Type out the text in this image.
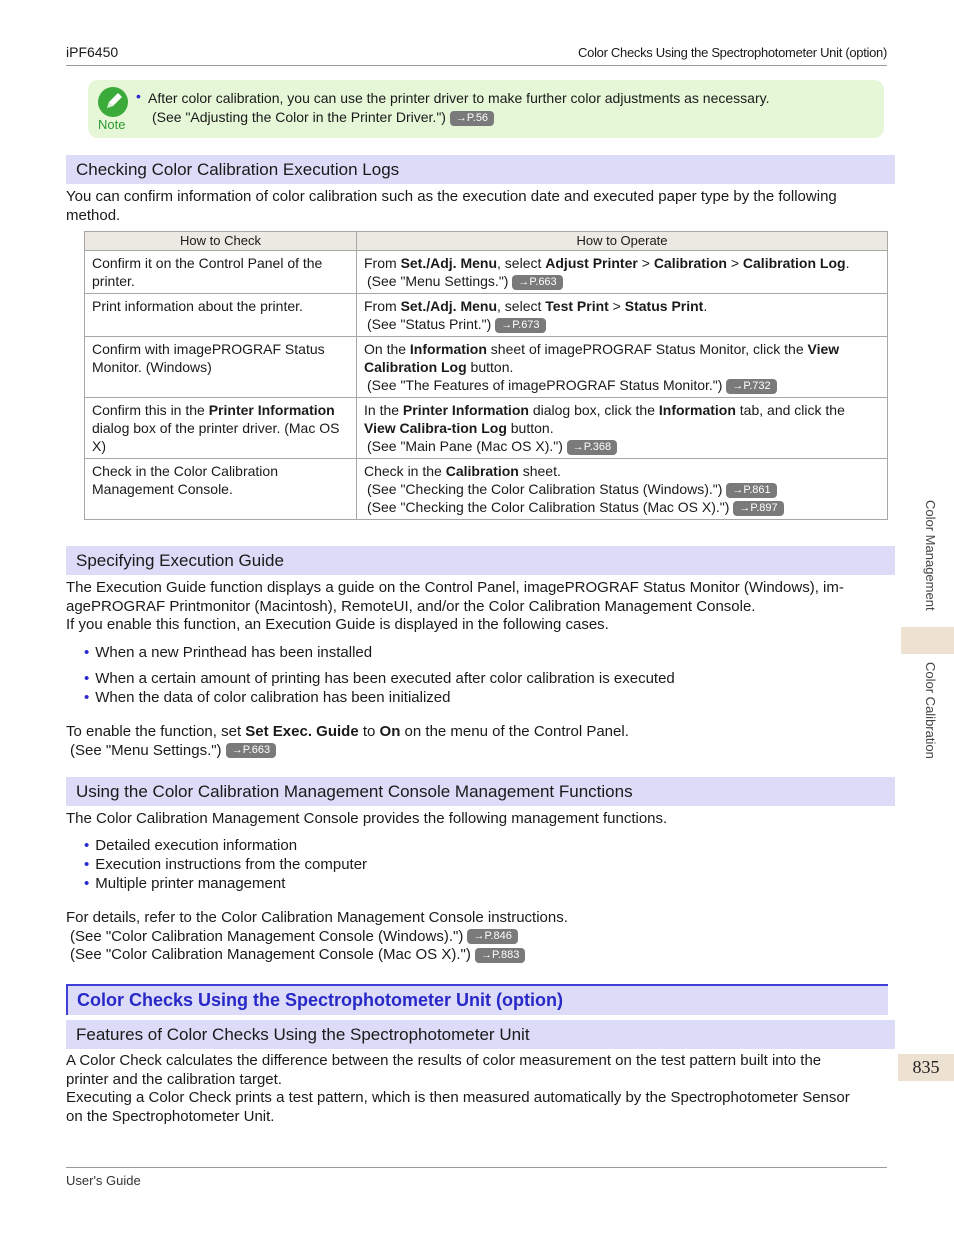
iPF6450	Color Checks Using the Spectrophotometer Unit (option)
Note
• After color calibration, you can use the printer driver to make further color adjustments as necessary.
(See "Adjusting the Color in the Printer Driver.") →P.56
Checking Color Calibration Execution Logs
You can confirm information of color calibration such as the execution date and executed paper type by the following
method.
How to Check	How to Operate
Confirm it on the Control Panel of the printer.	From Set./Adj. Menu, select Adjust Printer > Calibration > Calibration Log.
(See "Menu Settings.") →P.663

Print information about the printer.	From Set./Adj. Menu, select Test Print > Status Print.
(See "Status Print.") →P.673

Confirm with imagePROGRAF Status Monitor. (Windows)	On the Information sheet of imagePROGRAF Status Monitor, click the View Calibration Log button.
(See "The Features of imagePROGRAF Status Monitor.") →P.732

Confirm this in the Printer Information dialog box of the printer driver. (Mac OS X)	In the Printer Information dialog box, click the Information tab, and click the View Calibra-tion Log button.
(See "Main Pane (Mac OS X).") →P.368

Check in the Color Calibration Management Console.	Check in the Calibration sheet.
(See "Checking the Color Calibration Status (Windows).") →P.861
(See "Checking the Color Calibration Status (Mac OS X).") →P.897
Specifying Execution Guide
The Execution Guide function displays a guide on the Control Panel, imagePROGRAF Status Monitor (Windows), im-
agePROGRAF Printmonitor (Macintosh), RemoteUI, and/or the Color Calibration Management Console.
If you enable this function, an Execution Guide is displayed in the following cases.
• When a new Printhead has been installed
• When a certain amount of printing has been executed after color calibration is executed
• When the data of color calibration has been initialized
To enable the function, set Set Exec. Guide to On on the menu of the Control Panel.
(See "Menu Settings.") →P.663
Using the Color Calibration Management Console Management Functions
The Color Calibration Management Console provides the following management functions.
• Detailed execution information
• Execution instructions from the computer
• Multiple printer management
For details, refer to the Color Calibration Management Console instructions.
(See "Color Calibration Management Console (Windows).") →P.846
(See "Color Calibration Management Console (Mac OS X).") →P.883
Color Checks Using the Spectrophotometer Unit (option)
Features of Color Checks Using the Spectrophotometer Unit
A Color Check calculates the difference between the results of color measurement on the test pattern built into the
printer and the calibration target.
Executing a Color Check prints a test pattern, which is then measured automatically by the Spectrophotometer Sensor
on the Spectrophotometer Unit.
Color Management
Color Calibration
835
User's Guide
